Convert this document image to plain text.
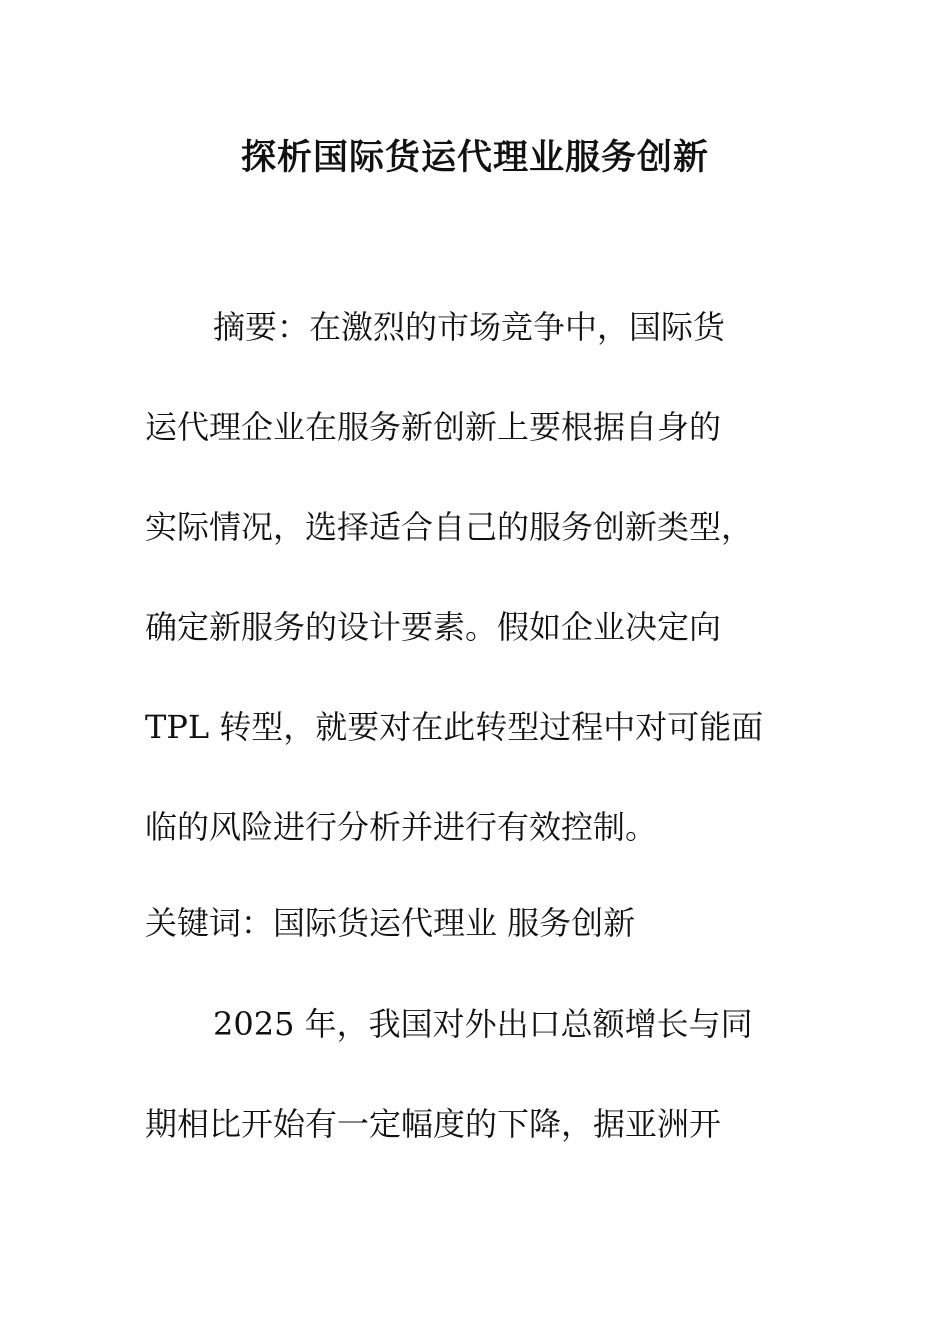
探析国际货运代理业服务创新
摘要：在激烈的市场竞争中，国际货
运代理企业在服务新创新上要根据自身的
实际情况，选择适合自己的服务创新类型，
确定新服务的设计要素。假如企业决定向
TPL 转型，就要对在此转型过程中对可能面
临的风险进行分析并进行有效控制。
关键词：国际货运代理业 服务创新
2025 年，我国对外出口总额增长与同
期相比开始有一定幅度的下降，据亚洲开
